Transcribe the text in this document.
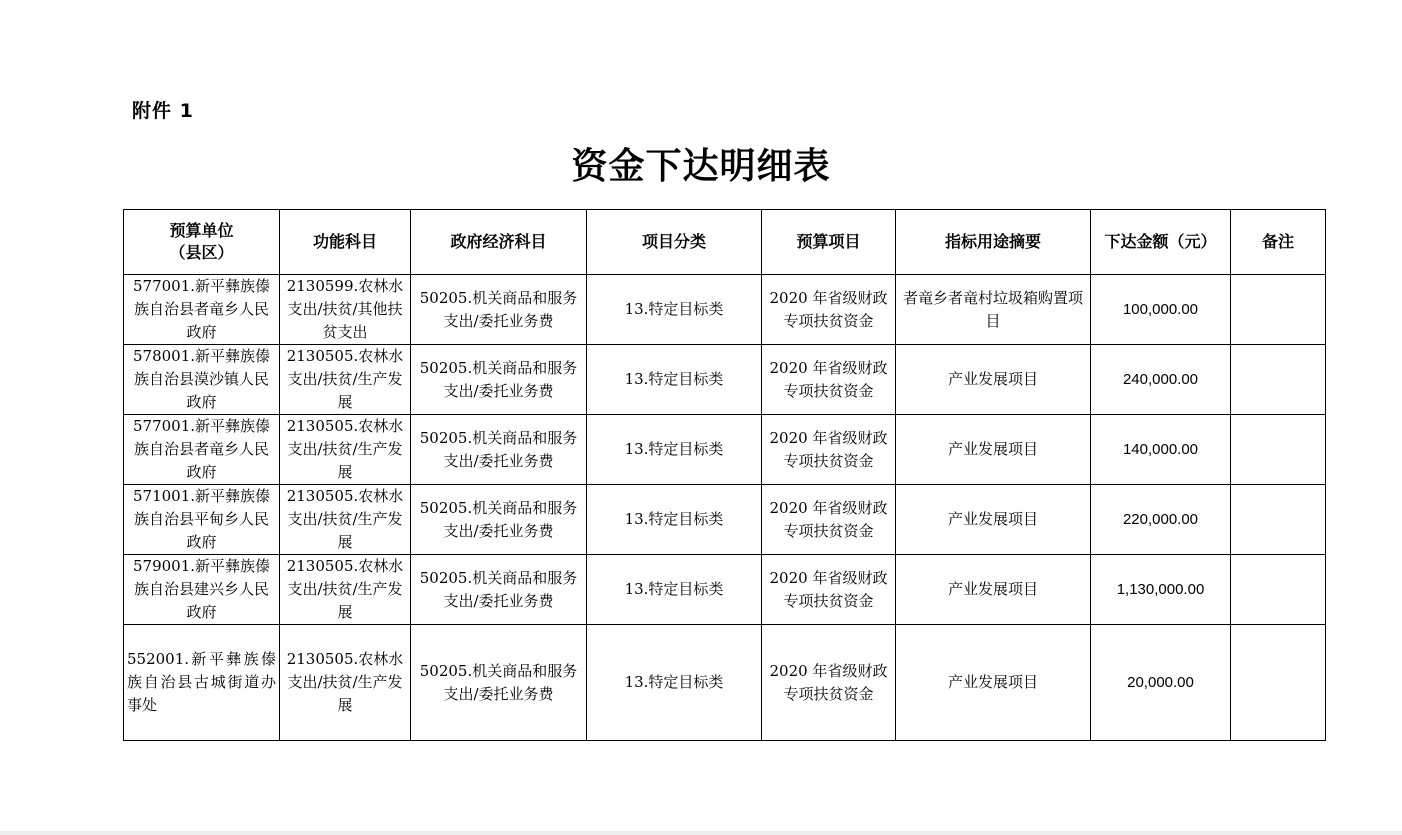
附件 1
资金下达明细表
预算单位
（县区）	功能科目	政府经济科目	项目分类	预算项目	指标用途摘要	下达金额（元）	备注
577001.新平彝族傣族自治县者竜乡人民政府	2130599.农林水支出/扶贫/其他扶贫支出	50205.机关商品和服务支出/委托业务费	13.特定目标类	2020 年省级财政专项扶贫资金	者竜乡者竜村垃圾箱购置项目	100,000.00	
578001.新平彝族傣族自治县漠沙镇人民政府	2130505.农林水支出/扶贫/生产发展	50205.机关商品和服务支出/委托业务费	13.特定目标类	2020 年省级财政专项扶贫资金	产业发展项目	240,000.00	
577001.新平彝族傣族自治县者竜乡人民政府	2130505.农林水支出/扶贫/生产发展	50205.机关商品和服务支出/委托业务费	13.特定目标类	2020 年省级财政专项扶贫资金	产业发展项目	140,000.00	
571001.新平彝族傣族自治县平甸乡人民政府	2130505.农林水支出/扶贫/生产发展	50205.机关商品和服务支出/委托业务费	13.特定目标类	2020 年省级财政专项扶贫资金	产业发展项目	220,000.00	
579001.新平彝族傣族自治县建兴乡人民政府	2130505.农林水支出/扶贫/生产发展	50205.机关商品和服务支出/委托业务费	13.特定目标类	2020 年省级财政专项扶贫资金	产业发展项目	1,130,000.00	
552001.新平彝族傣族自治县古城街道办事处	2130505.农林水支出/扶贫/生产发展	50205.机关商品和服务支出/委托业务费	13.特定目标类	2020 年省级财政专项扶贫资金	产业发展项目	20,000.00	
